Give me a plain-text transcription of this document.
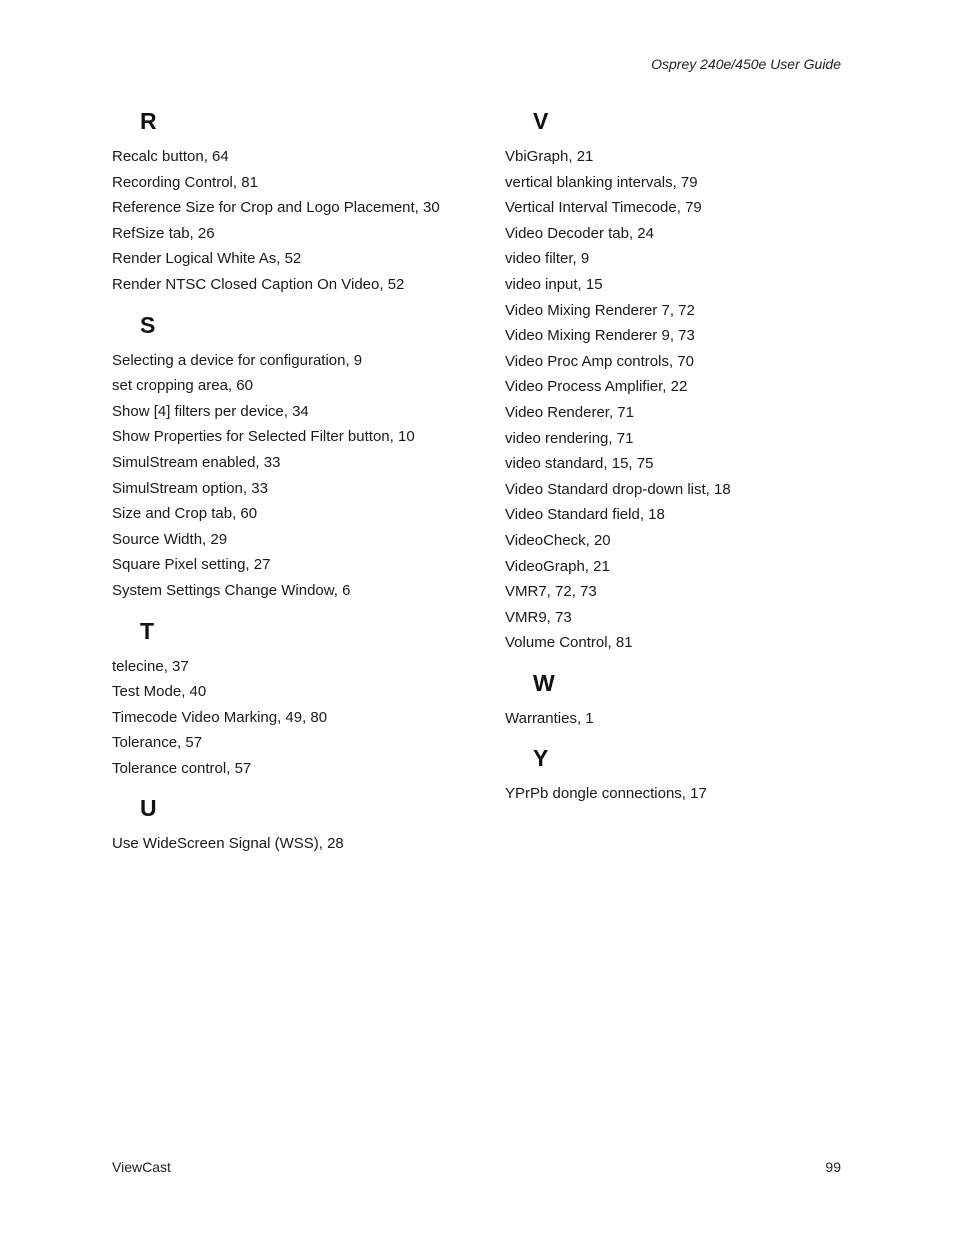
Osprey 240e/450e User Guide
R
Recalc button, 64
Recording Control, 81
Reference Size for Crop and Logo Placement, 30
RefSize tab, 26
Render Logical White As, 52
Render NTSC Closed Caption On Video, 52
S
Selecting a device for configuration, 9
set cropping area, 60
Show [4] filters per device, 34
Show Properties for Selected Filter button, 10
SimulStream enabled, 33
SimulStream option, 33
Size and Crop tab, 60
Source Width, 29
Square Pixel setting, 27
System Settings Change Window, 6
T
telecine, 37
Test Mode, 40
Timecode Video Marking, 49, 80
Tolerance, 57
Tolerance control, 57
U
Use WideScreen Signal (WSS), 28
V
VbiGraph, 21
vertical blanking intervals, 79
Vertical Interval Timecode, 79
Video Decoder tab, 24
video filter, 9
video input, 15
Video Mixing Renderer 7, 72
Video Mixing Renderer 9, 73
Video Proc Amp controls, 70
Video Process Amplifier, 22
Video Renderer, 71
video rendering, 71
video standard, 15, 75
Video Standard drop-down list, 18
Video Standard field, 18
VideoCheck, 20
VideoGraph, 21
VMR7, 72, 73
VMR9, 73
Volume Control, 81
W
Warranties, 1
Y
YPrPb dongle connections, 17
ViewCast	99
